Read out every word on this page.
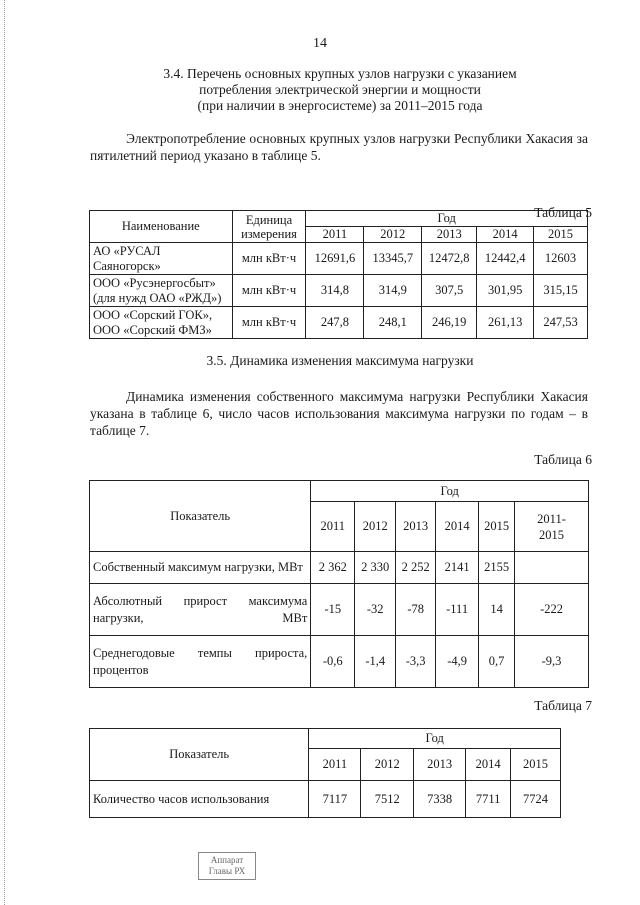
14
3.4. Перечень основных крупных узлов нагрузки с указанием
потребления электрической энергии и мощности
(при наличии в энергосистеме) за 2011–2015 года
Электропотребление основных крупных узлов нагрузки Республики Хакасия за пятилетний период указано в таблице 5.
Таблица 5
Наименование	Единица измерения	Год				
		2011	2012	2013	2014	2015
АО «РУСАЛ Саяногорск»	млн кВт·ч	12691,6	13345,7	12472,8	12442,4	12603
ООО «Русэнергосбыт» (для нужд ОАО «РЖД»)	млн кВт·ч	314,8	314,9	307,5	301,95	315,15
ООО «Сорский ГОК», ООО «Сорский ФМЗ»	млн кВт·ч	247,8	248,1	246,19	261,13	247,53
3.5. Динамика изменения максимума нагрузки
Динамика изменения собственного максимума нагрузки Республики Хакасия указана в таблице 6, число часов использования максимума нагрузки по годам – в таблице 7.
Таблица 6
Показатель	Год					
	2011	2012	2013	2014	2015	2011-2015
Собственный максимум нагрузки, МВт	2 362	2 330	2 252	2141	2155	
Абсолютный прирост максимума нагрузки, МВт	-15	-32	-78	-111	14	-222
Среднегодовые темпы прироста, процентов	-0,6	-1,4	-3,3	-4,9	0,7	-9,3
Таблица 7
Показатель	Год				
	2011	2012	2013	2014	2015
Количество часов использования	7117	7512	7338	7711	7724
Аппарат
Главы РХ
